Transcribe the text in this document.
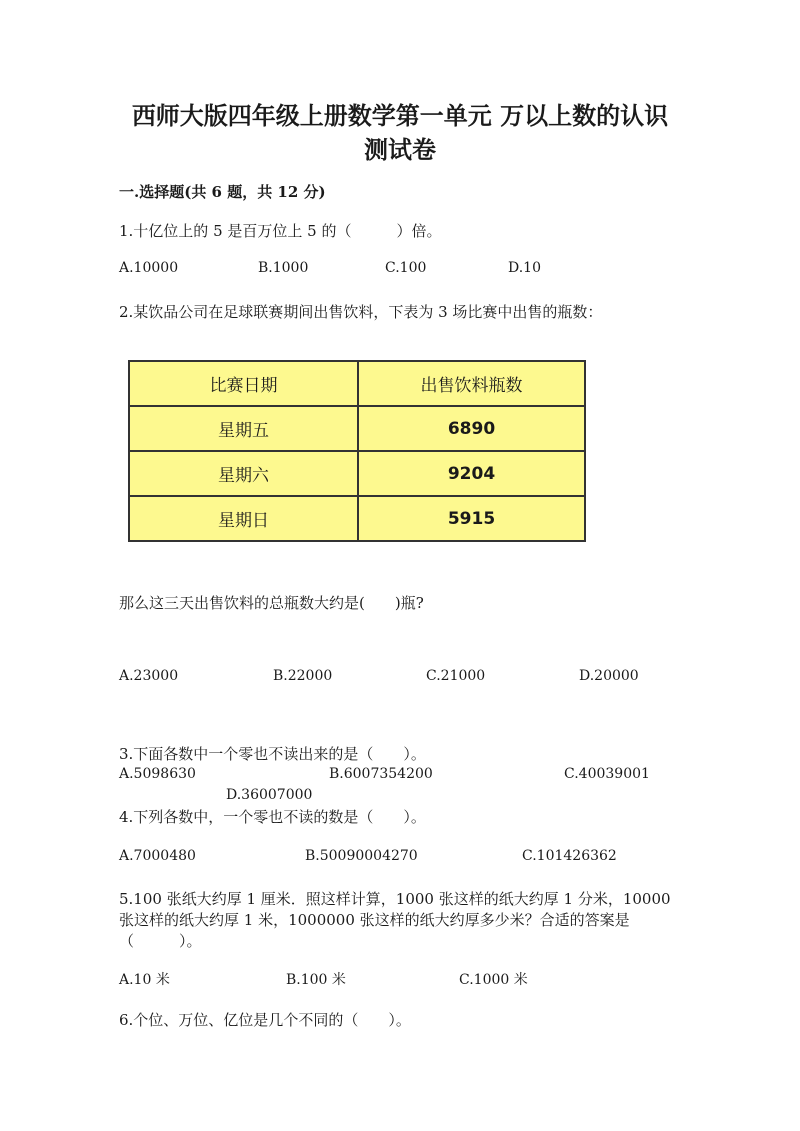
西师大版四年级上册数学第一单元 万以上数的认识
测试卷
一.选择题(共 6 题，共 12 分)
1.十亿位上的 5 是百万位上 5 的（　　　）倍。
A.10000	B.1000	C.100	D.10
2.某饮品公司在足球联赛期间出售饮料，下表为 3 场比赛中出售的瓶数：
比赛日期	出售饮料瓶数
星期五	6890
星期六	9204
星期日	5915
那么这三天出售饮料的总瓶数大约是(　　)瓶?
A.23000	B.22000	C.21000	D.20000
3.下面各数中一个零也不读出来的是（　　）。
A.5098630	B.6007354200	C.40039001
D.36007000
4.下列各数中，一个零也不读的数是（　　）。
A.7000480	B.50090004270	C.101426362
5.100 张纸大约厚 1 厘米．照这样计算，1000 张这样的纸大约厚 1 分米，10000
张这样的纸大约厚 1 米，1000000 张这样的纸大约厚多少米？合适的答案是
（　　　）。
A.10 米	B.100 米	C.1000 米
6.个位、万位、亿位是几个不同的（　　）。
